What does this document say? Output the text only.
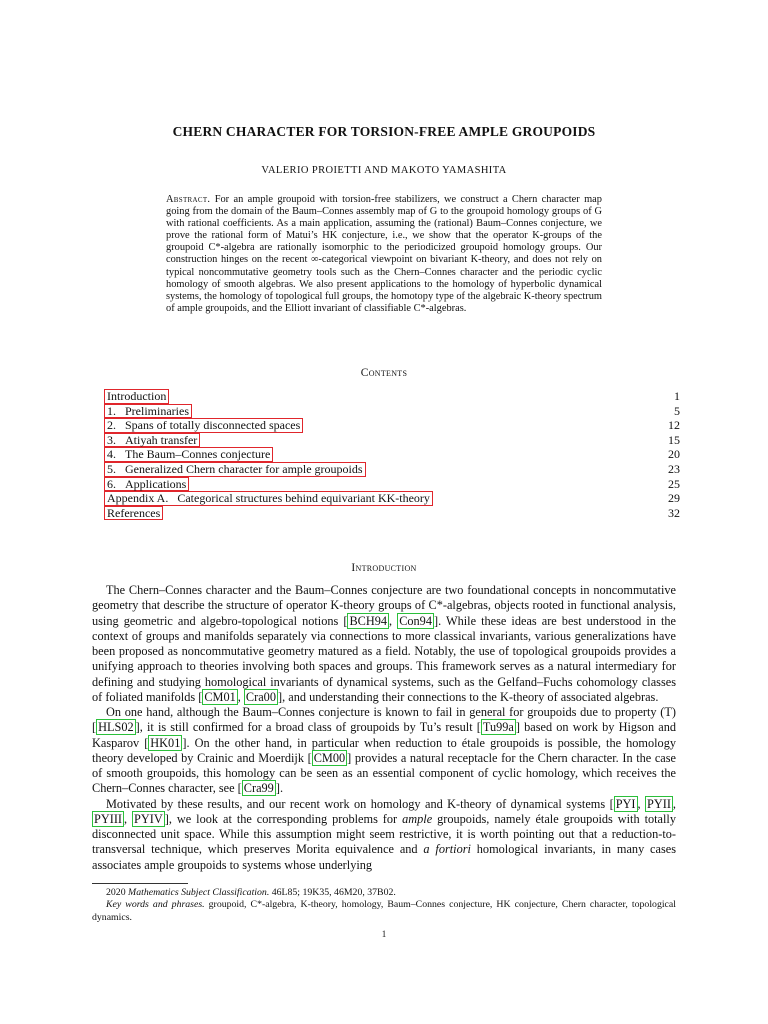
CHERN CHARACTER FOR TORSION-FREE AMPLE GROUPOIDS
VALERIO PROIETTI AND MAKOTO YAMASHITA
Abstract. For an ample groupoid with torsion-free stabilizers, we construct a Chern character map going from the domain of the Baum–Connes assembly map of G to the groupoid homology groups of G with rational coefficients. As a main application, assuming the (rational) Baum–Connes conjecture, we prove the rational form of Matui’s HK conjecture, i.e., we show that the operator K-groups of the groupoid C*-algebra are rationally isomorphic to the periodicized groupoid homology groups. Our construction hinges on the recent ∞-categorical viewpoint on bivariant K-theory, and does not rely on typical noncommutative geometry tools such as the Chern–Connes character and the periodic cyclic homology of smooth algebras. We also present applications to the homology of hyperbolic dynamical systems, the homology of topological full groups, the homotopy type of the algebraic K-theory spectrum of ample groupoids, and the Elliott invariant of classifiable C*-algebras.
Contents
Introduction	1
1. Preliminaries	5
2. Spans of totally disconnected spaces	12
3. Atiyah transfer	15
4. The Baum–Connes conjecture	20
5. Generalized Chern character for ample groupoids	23
6. Applications	25
Appendix A. Categorical structures behind equivariant KK-theory	29
References	32
Introduction

The Chern–Connes character and the Baum–Connes conjecture are two foundational concepts in noncommutative geometry that describe the structure of operator K-theory groups of C*-algebras, objects rooted in functional analysis, using geometric and algebro-topological notions [ BCH94 , Con94 ]. While these ideas are best understood in the context of groups and manifolds separately via connections to more classical invariants, various generalizations have been proposed as noncommutative geometry matured as a field. Notably, the use of topological groupoids provides a unifying approach to theories involving both spaces and groups. This framework serves as a natural intermediary for defining and studying homological invariants of dynamical systems, such as the Gelfand–Fuchs cohomology classes of foliated manifolds [ CM01 , Cra00 ], and understanding their connections to the K-theory of associated algebras.

On one hand, although the Baum–Connes conjecture is known to fail in general for groupoids due to property (T) [ HLS02 ], it is still confirmed for a broad class of groupoids by Tu’s result [ Tu99a ] based on work by Higson and Kasparov [ HK01 ]. On the other hand, in particular when reduction to étale groupoids is possible, the homology theory developed by Crainic and Moerdijk [ CM00 ] provides a natural receptacle for the Chern character. In the case of smooth groupoids, this homology can be seen as an essential component of cyclic homology, which receives the Chern–Connes character, see [ Cra99 ].

Motivated by these results, and our recent work on homology and K-theory of dynamical systems [ PYI , PYII , PYIII , PYIV ], we look at the corresponding problems for ample groupoids, namely étale groupoids with totally disconnected unit space. While this assumption might seem restrictive, it is worth pointing out that a reduction-to-transversal technique, which preserves Morita equivalence and a fortiori homological invariants, in many cases associates ample groupoids to systems whose underlying

2020 Mathematics Subject Classification. 46L85; 19K35, 46M20, 37B02.

Key words and phrases. groupoid, C*-algebra, K-theory, homology, Baum–Connes conjecture, HK conjecture, Chern character, topological dynamics.

1
